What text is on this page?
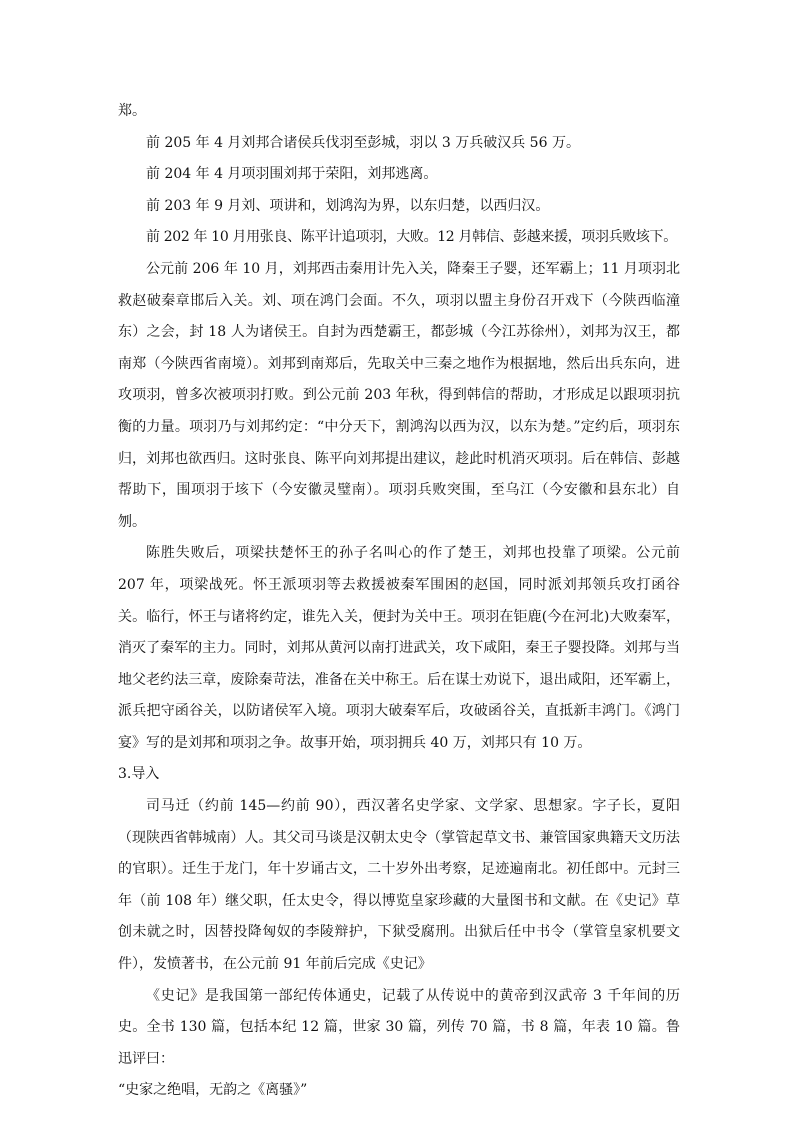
郑。

前 205 年 4 月刘邦合诸侯兵伐羽至彭城，羽以 3 万兵破汉兵 56 万。

前 204 年 4 月项羽围刘邦于荣阳，刘邦逃离。

前 203 年 9 月刘、项讲和，划鸿沟为界，以东归楚，以西归汉。

前 202 年 10 月用张良、陈平计追项羽，大败。12 月韩信、彭越来援，项羽兵败垓下。

公元前 206 年 10 月，刘邦西击秦用计先入关，降秦王子婴，还军霸上；11 月项羽北救赵破秦章邯后入关。刘、项在鸿门会面。不久，项羽以盟主身份召开戏下（今陕西临潼东）之会，封 18 人为诸侯王。自封为西楚霸王，都彭城（今江苏徐州），刘邦为汉王，都南郑（今陕西省南境）。刘邦到南郑后，先取关中三秦之地作为根据地，然后出兵东向，进攻项羽，曾多次被项羽打败。到公元前 203 年秋，得到韩信的帮助，才形成足以跟项羽抗衡的力量。项羽乃与刘邦约定：“中分天下，割鸿沟以西为汉，以东为楚。”定约后，项羽东归，刘邦也欲西归。这时张良、陈平向刘邦提出建议，趁此时机消灭项羽。后在韩信、彭越帮助下，围项羽于垓下（今安徽灵璧南）。项羽兵败突围，至乌江（今安徽和县东北）自刎。

陈胜失败后，项梁扶楚怀王的孙子名叫心的作了楚王，刘邦也投靠了项梁。公元前 207 年，项梁战死。怀王派项羽等去救援被秦军围困的赵国，同时派刘邦领兵攻打函谷关。临行，怀王与诸将约定，谁先入关，便封为关中王。项羽在钜鹿(今在河北)大败秦军，消灭了秦军的主力。同时，刘邦从黄河以南打进武关，攻下咸阳，秦王子婴投降。刘邦与当地父老约法三章，废除秦苛法，准备在关中称王。后在谋士劝说下，退出咸阳，还军霸上，派兵把守函谷关，以防诸侯军入境。项羽大破秦军后，攻破函谷关，直抵新丰鸿门。《鸿门宴》写的是刘邦和项羽之争。故事开始，项羽拥兵 40 万，刘邦只有 10 万。

3.导入

司马迁（约前 145—约前 90），西汉著名史学家、文学家、思想家。字子长，夏阳（现陕西省韩城南）人。其父司马谈是汉朝太史令（掌管起草文书、兼管国家典籍天文历法的官职）。迁生于龙门，年十岁诵古文，二十岁外出考察，足迹遍南北。初任郎中。元封三年（前 108 年）继父职，任太史令，得以博览皇家珍藏的大量图书和文献。在《史记》草创未就之时，因替投降匈奴的李陵辩护，下狱受腐刑。出狱后任中书令（掌管皇家机要文件），发愤著书，在公元前 91 年前后完成《史记》

《史记》是我国第一部纪传体通史，记载了从传说中的黄帝到汉武帝 3 千年间的历史。全书 130 篇，包括本纪 12 篇，世家 30 篇，列传 70 篇，书 8 篇，年表 10 篇。鲁迅评曰：

“史家之绝唱，无韵之《离骚》”
